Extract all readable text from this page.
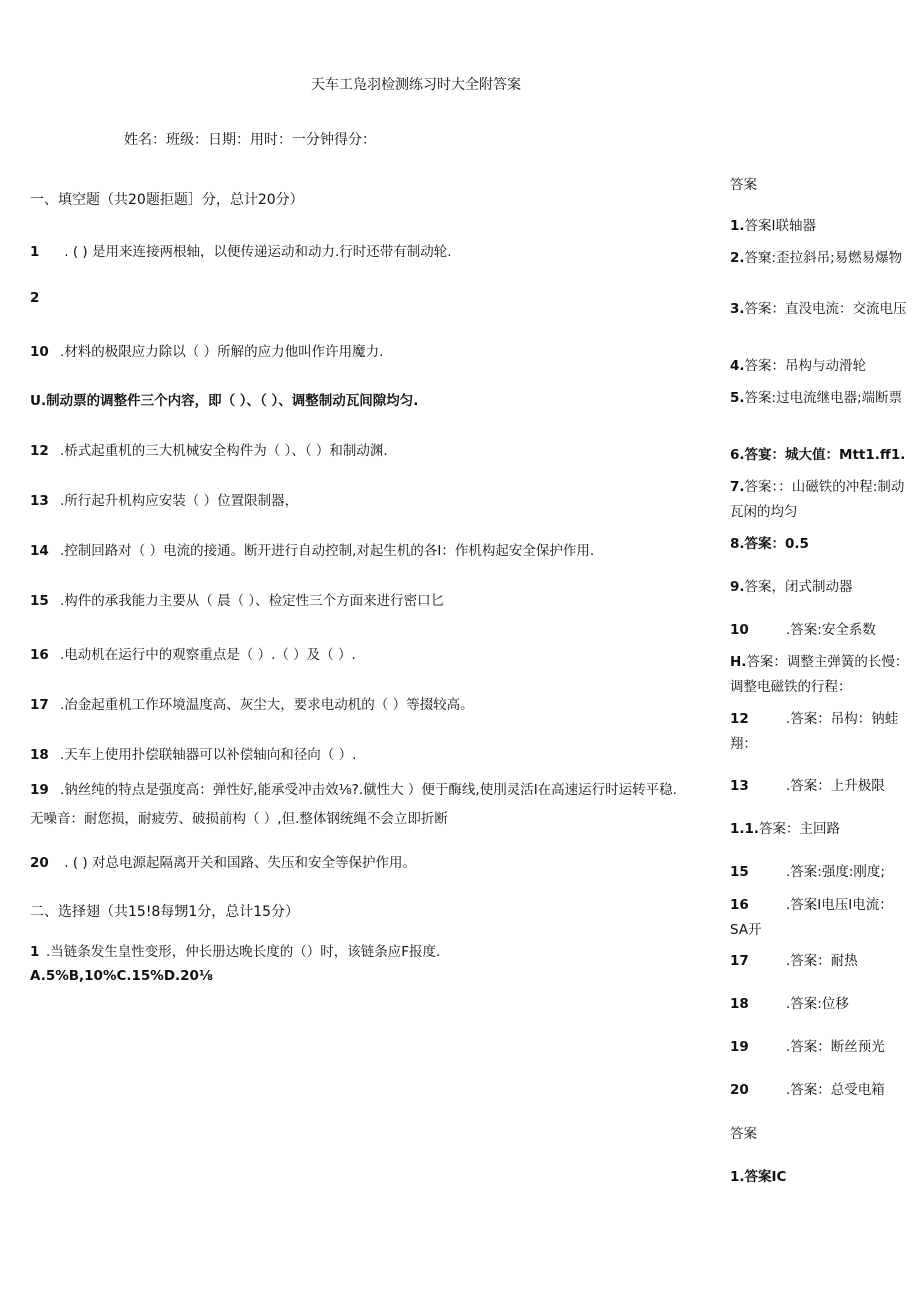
天车工凫羽检测练习时大全附答案
姓名：班级：日期：用时：一分钟得分：
一、填空题（共20题拒题］分，总计20分）
1 . ( ) 是用来连接两根轴，以便传递运动和动力.行时还带有制动轮.
2
10 .材料的极限应力除以（ ）所解的应力他叫作许用魔力.
U.制动票的调整件三个内容，即（ ）、（ ）、调整制动瓦间隙均匀.
12 .桥式起重机的三大机械安全构件为（ ）、（ ）和制动渊.
13 .所行起升机构应安装（ ）位置限制器，
14 .控制回路对（ ）电流的接通。断开进行自动控制,对起生机的各I：作机构起安全保护作用.
15 .构件的承我能力主要从（ 晨（ ）、检定性三个方面来进行密口匕
16 .电动机在运行中的观察重点是（ ）.（ ）及（ ）.
17 .冶金起重机工作环境温度高、灰尘大，要求电动机的（ ）等掇较高。
18 .天车上使用扑偿联轴器可以补偿轴向和径向（ ）.
19 .钠丝纯的特点是强度高：弹性好,能承受冲击效⅛?.僦性大 ）便于酶线,使刖灵活I在高速运行时运转平稳.无噪音：耐您损，耐疲劳、破损前构（ ）,但.整体钢统绳不会立即折断
20 . ( ) 对总电源起隔离开关和国路、失压和安全等保护作用。
二、选择翅（共15!8每甥1分，总计15分）
1 .当链条发生皇性变形，仲长册达晚长度的（）时，该链条应F报度.
A.5%B,10%C.15%D.20⅛
答案
1.答案I联轴器
2.答窠:歪拉斜吊;易燃易爆物
3.答案：直没电流：交流电压
4.答案：吊构与动滑轮
5.答案:过电流继电器;端断票
6.答宴：城大值：Mtt1.ff1.
7.答案：：山磁铁的冲程:制动瓦闲的均匀
8.答案：0.5
9.答案，闭式制动器
10	.答案:安全系数
H.答案：调整主弹簧的长慢：调整电磁铁的行程：
12	.答案：吊构：钠蛙翔：
13	.答案：上升极限
1.1.答案：主回路
15	.答案:强度:刚度;
16	.答案I电压I电流：SA开
17	.答案：耐热
18	.答案:位移
19	.答案：断丝预光
20	.答案：总受电箱
答案
1.答案IC
